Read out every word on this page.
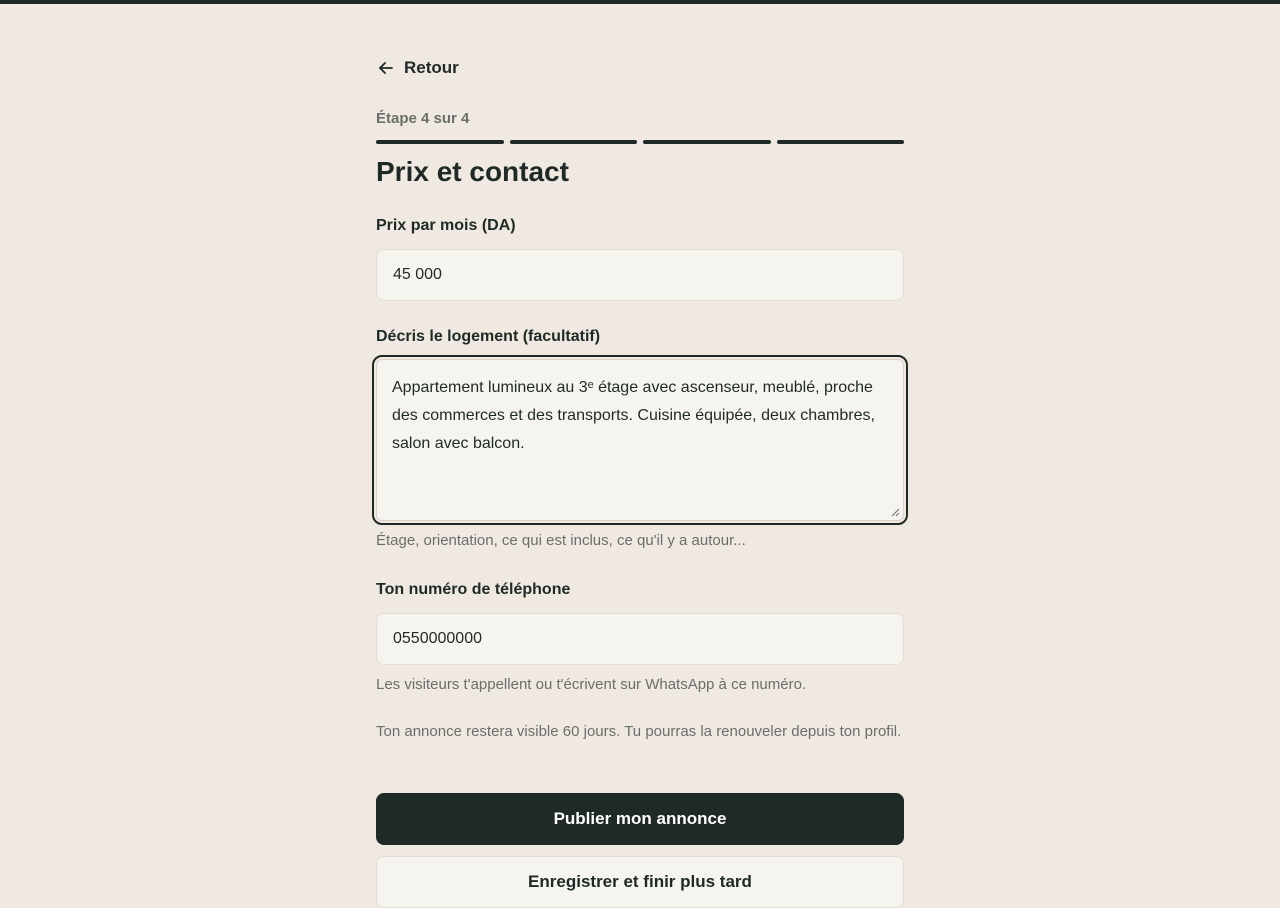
Retour
Étape 4 sur 4
Prix et contact
Prix par mois (DA)
45 000
Décris le logement (facultatif)
Appartement lumineux au 3ᵉ étage avec ascenseur, meublé, proche des commerces et des transports. Cuisine équipée, deux chambres, salon avec balcon.
Étage, orientation, ce qui est inclus, ce qu'il y a autour...
Ton numéro de téléphone
0550000000
Les visiteurs t'appellent ou t'écrivent sur WhatsApp à ce numéro.
Ton annonce restera visible 60 jours. Tu pourras la renouveler depuis ton profil.
Publier mon annonce
Enregistrer et finir plus tard
